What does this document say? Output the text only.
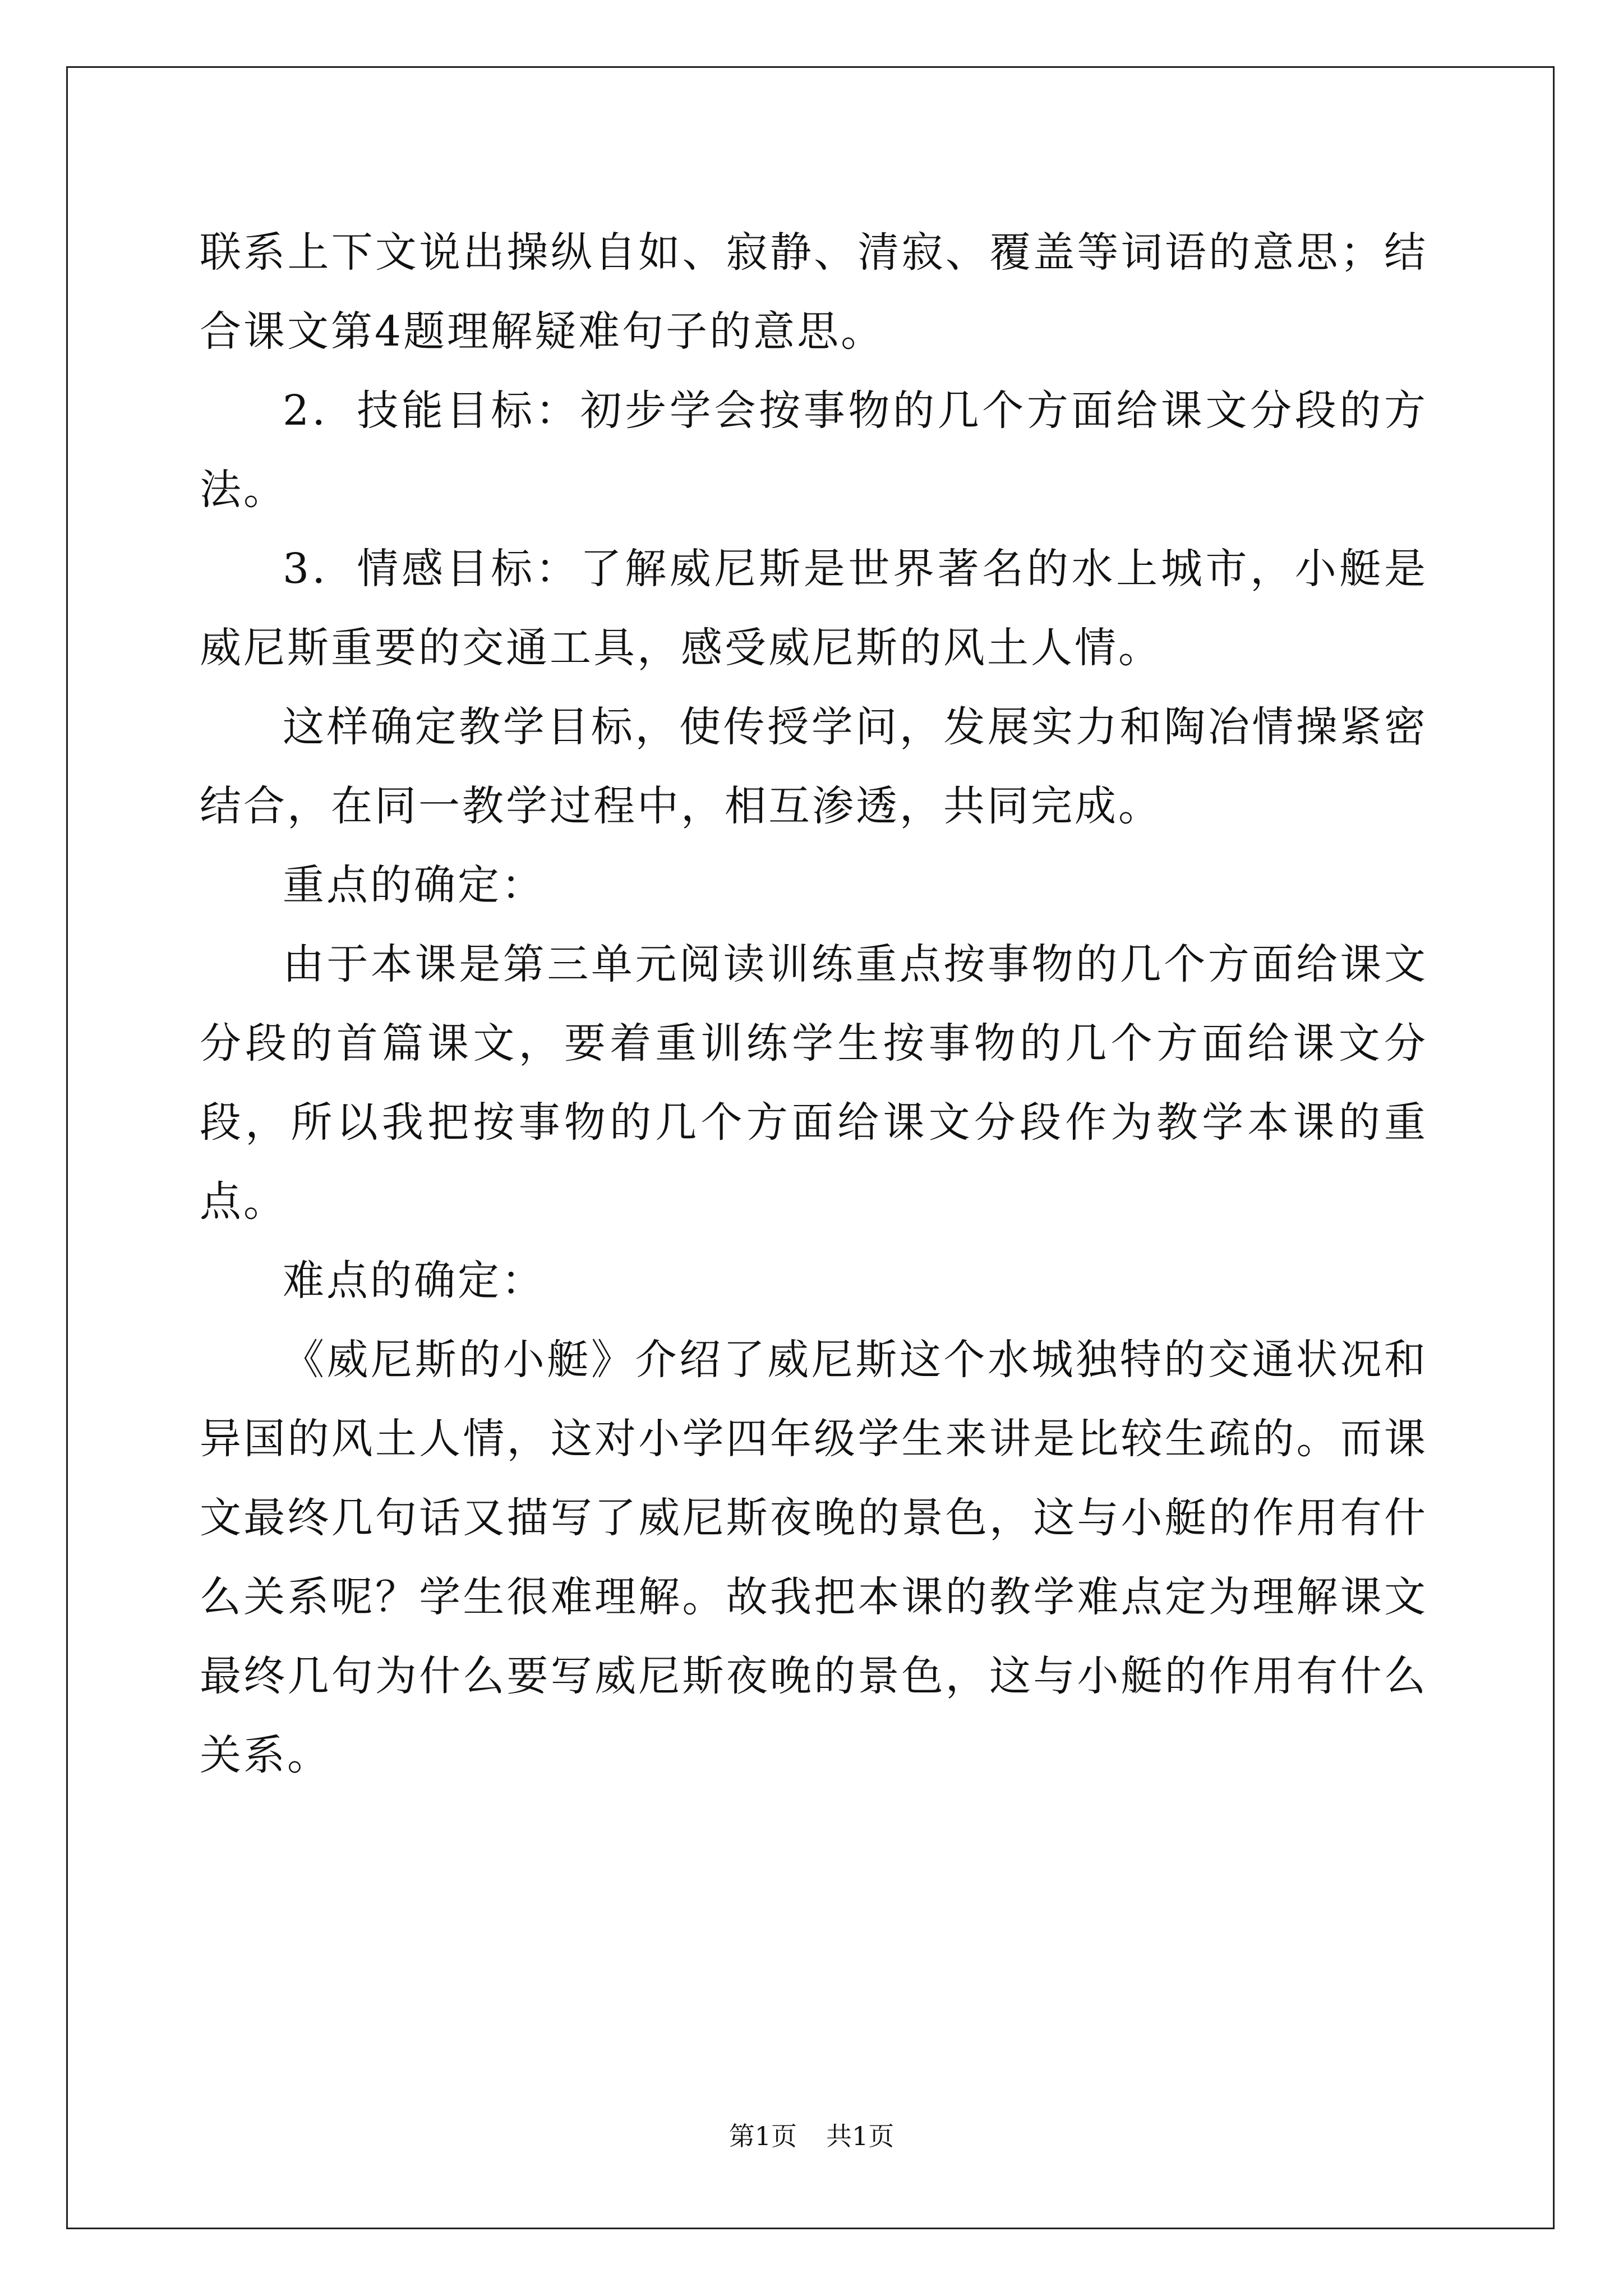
联系上下文说出操纵自如、寂静、清寂、覆盖等词语的意思；结合课文第4题理解疑难句子的意思。

2．技能目标：初步学会按事物的几个方面给课文分段的方法。

3．情感目标：了解威尼斯是世界著名的水上城市，小艇是威尼斯重要的交通工具，感受威尼斯的风土人情。

这样确定教学目标，使传授学问，发展实力和陶冶情操紧密结合，在同一教学过程中，相互渗透，共同完成。

重点的确定：

由于本课是第三单元阅读训练重点按事物的几个方面给课文分段的首篇课文，要着重训练学生按事物的几个方面给课文分段，所以我把按事物的几个方面给课文分段作为教学本课的重点。

难点的确定：

《威尼斯的小艇》介绍了威尼斯这个水城独特的交通状况和异国的风土人情，这对小学四年级学生来讲是比较生疏的。而课文最终几句话又描写了威尼斯夜晚的景色，这与小艇的作用有什么关系呢？学生很难理解。故我把本课的教学难点定为理解课文最终几句为什么要写威尼斯夜晚的景色，这与小艇的作用有什么关系。

第1页 共1页
